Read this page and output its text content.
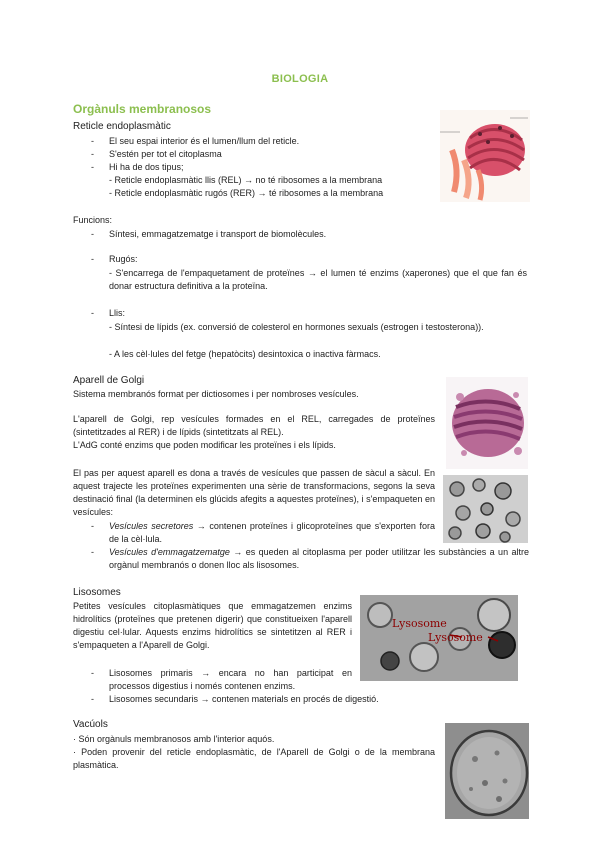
BIOLOGIA
Orgànuls membranosos
Reticle endoplasmàtic
- El seu espai interior és el lumen/llum del reticle.
- S'estén per tot el citoplasma
- Hi ha de dos tipus;
- Reticle endoplasmàtic llis (REL) → no té ribosomes a la membrana
- Reticle endoplasmàtic rugós (RER) → té ribosomes a la membrana
Funcions:
- Síntesi, emmagatzematge i transport de biomolècules.
- Rugós:
- S'encarrega de l'empaquetament de proteïnes → el lumen té enzims (xaperones) que el que fan és donar estructura definitiva a la proteïna.
- Llis:
- Síntesi de lípids (ex. conversió de colesterol en hormones sexuals (estrogen i testosterona)).
- A les cèl·lules del fetge (hepatòcits) desintoxica o inactiva fàrmacs.
Aparell de Golgi
Sistema membranós format per dictiosomes i per nombroses vesícules.
L'aparell de Golgi, rep vesícules formades en el REL, carregades de proteïnes (sintetitzades al RER) i de lípids (sintetitzats al REL).
L'AdG conté enzims que poden modificar les proteïnes i els lípids.
El pas per aquest aparell es dona a través de vesícules que passen de sàcul a sàcul. En aquest trajecte les proteïnes experimenten una sèrie de transformacions, segons la seva destinació final (la determinen els glúcids afegits a aquestes proteïnes), i s'empaqueten en vesícules:
- Vesícules secretores → contenen proteïnes i glicoproteïnes que s'exporten fora de la cèl·lula.
- Vesícules d'emmagatzematge → es queden al citoplasma per poder utilitzar les substàncies a un altre orgànul membranós o donen lloc als lisosomes.
Lisosomes
Petites vesícules citoplasmàtiques que emmagatzemen enzims hidrolítics (proteïnes que pretenen digerir) que constitueixen l'aparell digestiu cel·lular. Aquests enzims hidrolítics se sintetitzen al RER i s'empaqueten a l'Aparell de Golgi.
- Lisosomes primaris → encara no han participat en processos digestius i només contenen enzims.
- Lisosomes secundaris → contenen materials en procés de digestió.
Lysosome
Lysosome
Vacúols
· Són orgànuls membranosos amb l'interior aquós.
· Poden provenir del reticle endoplasmàtic, de l'Aparell de Golgi o de la membrana plasmàtica.
